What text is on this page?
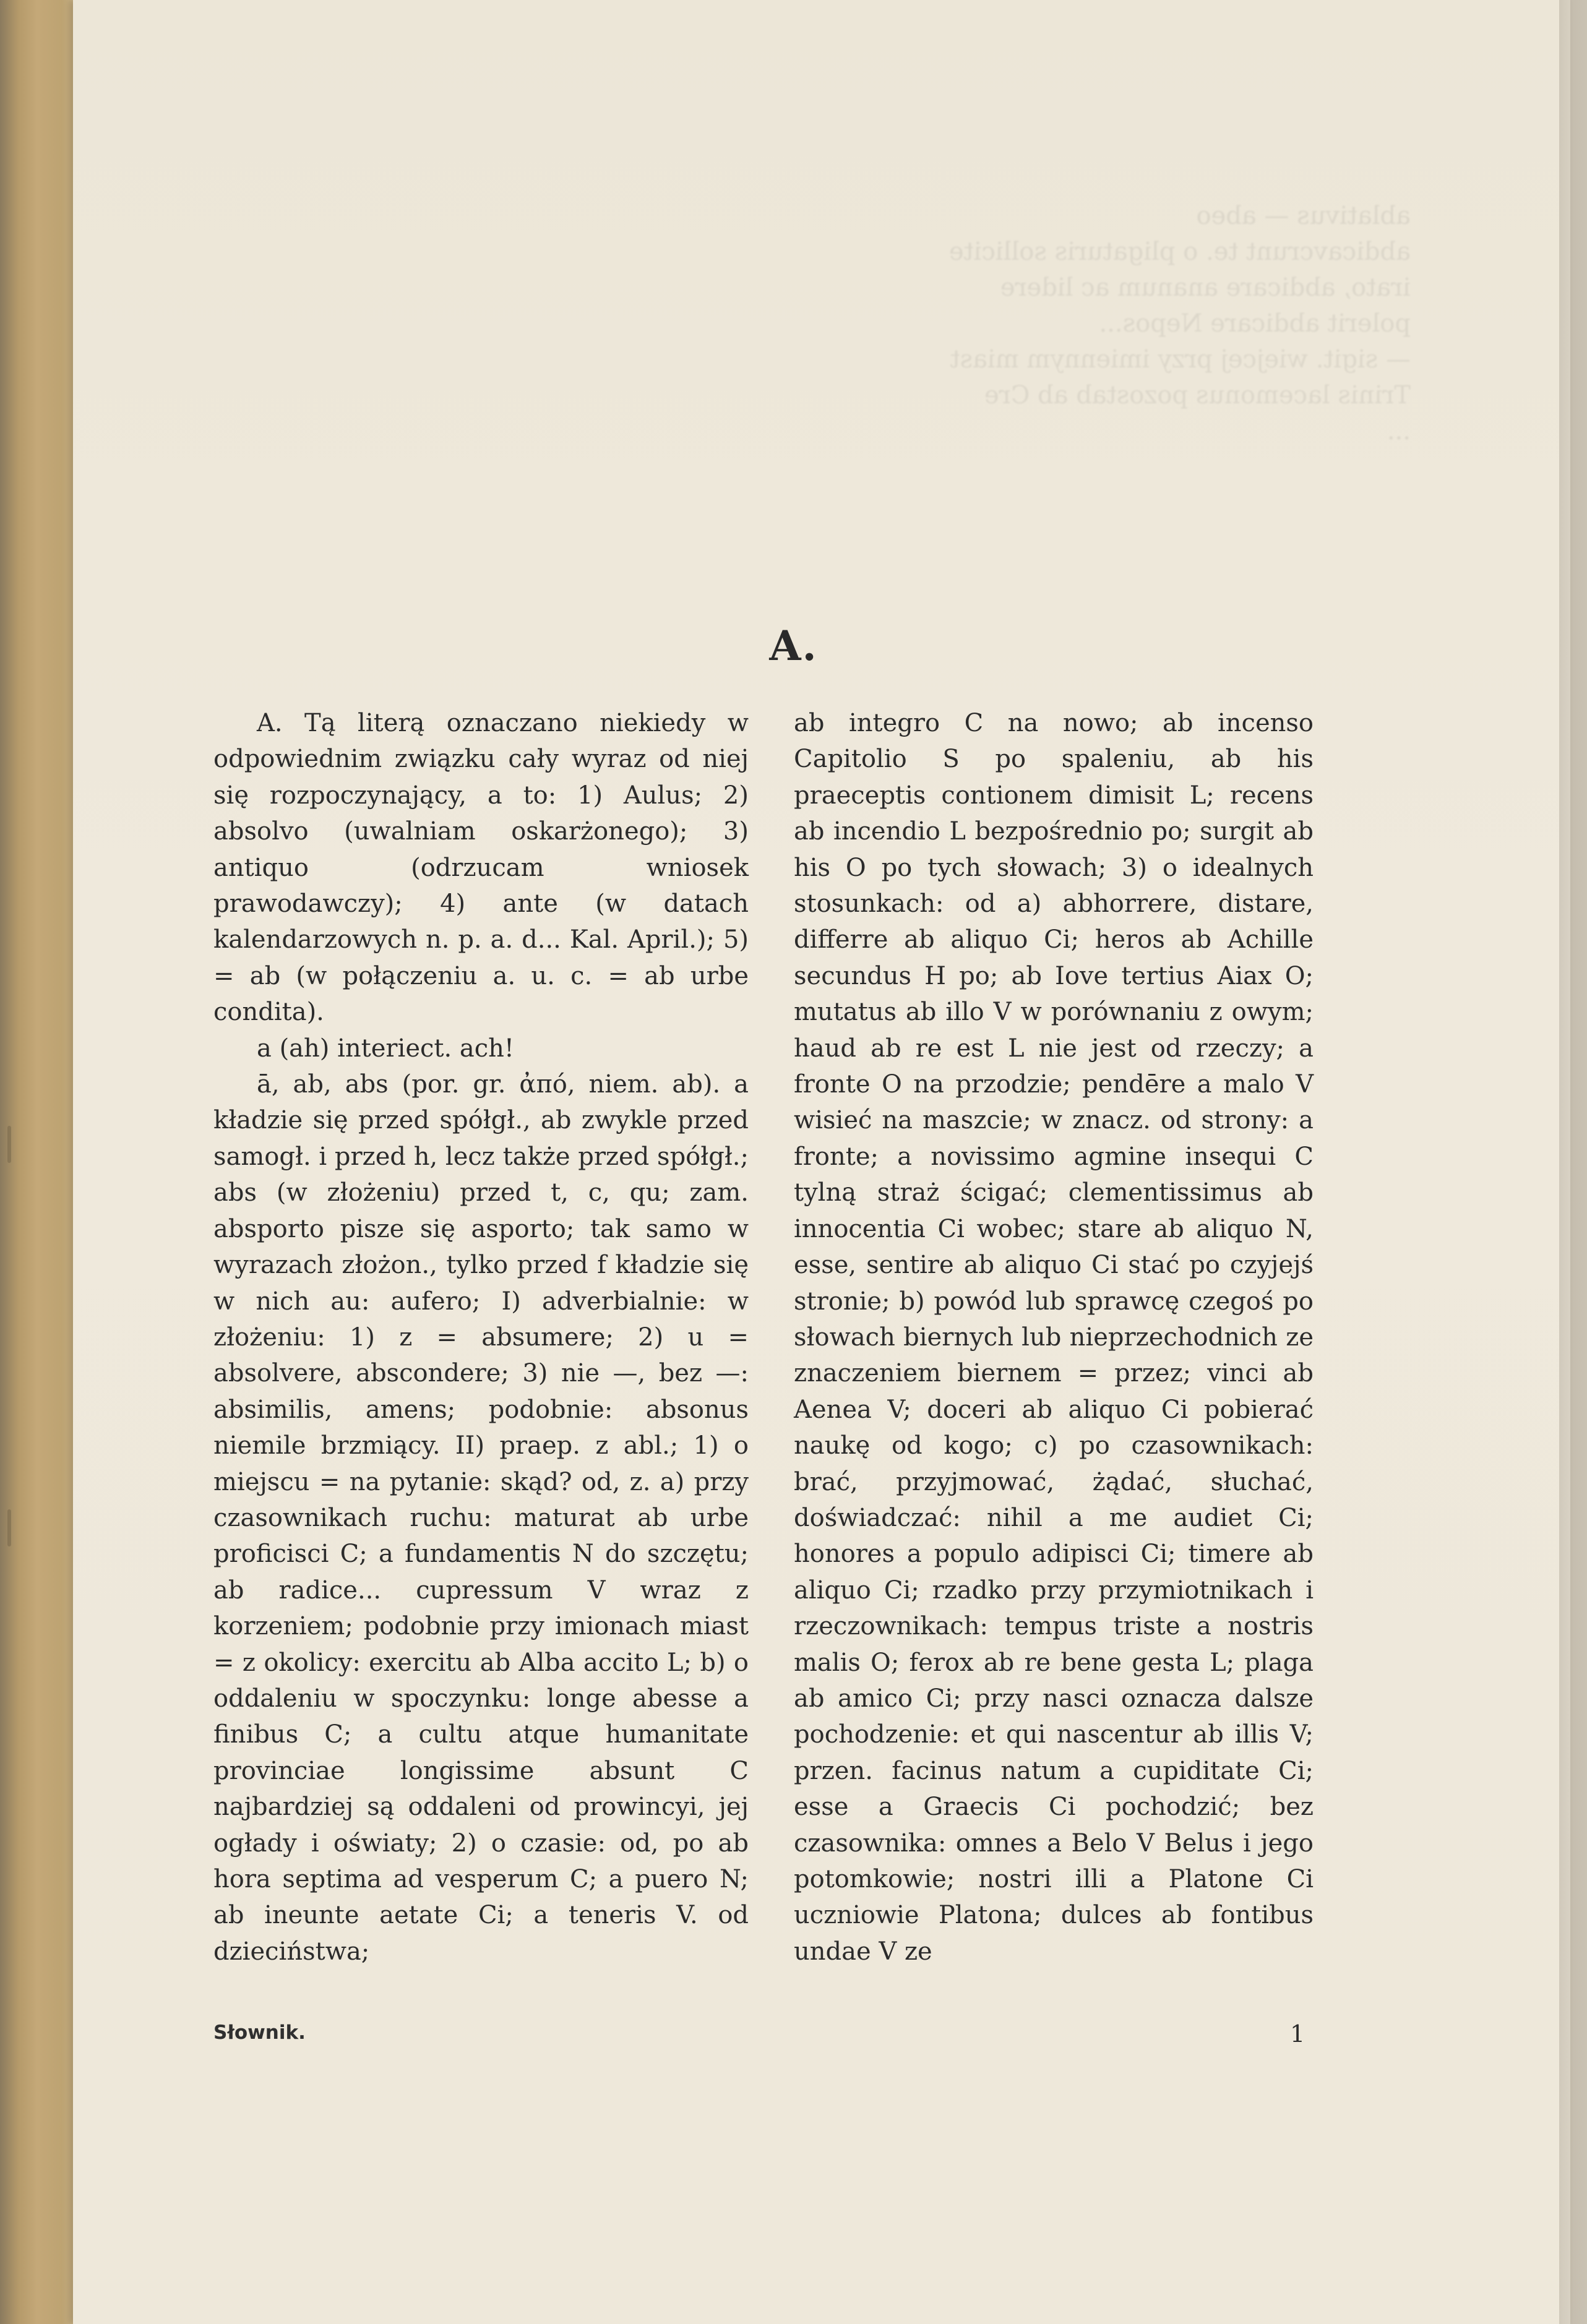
A.

A. Tą literą oznaczano niekiedy w odpowiednim związku cały wyraz od niej się rozpoczynający, a to: 1) Aulus; 2) absolvo (uwalniam oskarżonego); 3) antiquo (odrzucam wniosek prawodawczy); 4) ante (w datach kalendarzowych n. p. a. d... Kal. April.); 5) = ab (w połączeniu a. u. c. = ab urbe condita).

a (ah) interiect. ach!

ā, ab, abs (por. gr. ἀπό, niem. ab). a kładzie się przed spółgł., ab zwykle przed samogł. i przed h, lecz także przed spółgł.; abs (w złożeniu) przed t, c, qu; zam. absporto pisze się asporto; tak samo w wyrazach złożon., tylko przed f kładzie się w nich au: aufero; I) adverbialnie: w złożeniu: 1) z = absumere; 2) u = absolvere, abscondere; 3) nie —, bez —: absimilis, amens; podobnie: absonus niemile brzmiący. II) praep. z abl.; 1) o miejscu = na pytanie: skąd? od, z. a) przy czasownikach ruchu: maturat ab urbe proficisci C; a fundamentis N do szczętu; ab radice... cupressum V wraz z korzeniem; podobnie przy imionach miast = z okolicy: exercitu ab Alba accito L; b) o oddaleniu w spoczynku: longe abesse a finibus C; a cultu atque humanitate provinciae longissime absunt C najbardziej są oddaleni od prowincyi, jej ogłady i oświaty; 2) o czasie: od, po ab hora septima ad vesperum C; a puero N; ab ineunte aetate Ci; a teneris V. od dzieciństwa;

ab integro C na nowo; ab incenso Capitolio S po spaleniu, ab his praeceptis contionem dimisit L; recens ab incendio L bezpośrednio po; surgit ab his O po tych słowach; 3) o idealnych stosunkach: od a) abhorrere, distare, differre ab aliquo Ci; heros ab Achille secundus H po; ab Iove tertius Aiax O; mutatus ab illo V w porównaniu z owym; haud ab re est L nie jest od rzeczy; a fronte O na przodzie; pendēre a malo V wisieć na maszcie; w znacz. od strony: a fronte; a novissimo agmine insequi C tylną straż ścigać; clementissimus ab innocentia Ci wobec; stare ab aliquo N, esse, sentire ab aliquo Ci stać po czyjejś stronie; b) powód lub sprawcę czegoś po słowach biernych lub nieprzechodnich ze znaczeniem biernem = przez; vinci ab Aenea V; doceri ab aliquo Ci pobierać naukę od kogo; c) po czasownikach: brać, przyjmować, żądać, słuchać, doświadczać: nihil a me audiet Ci; honores a populo adipisci Ci; timere ab aliquo Ci; rzadko przy przymiotnikach i rzeczownikach: tempus triste a nostris malis O; ferox ab re bene gesta L; plaga ab amico Ci; przy nasci oznacza dalsze pochodzenie: et qui nascentur ab illis V; przen. facinus natum a cupiditate Ci; esse a Graecis Ci pochodzić; bez czasownika: omnes a Belo V Belus i jego potomkowie; nostri illi a Platone Ci uczniowie Platona; dulces ab fontibus undae V ze

Słownik.	1
